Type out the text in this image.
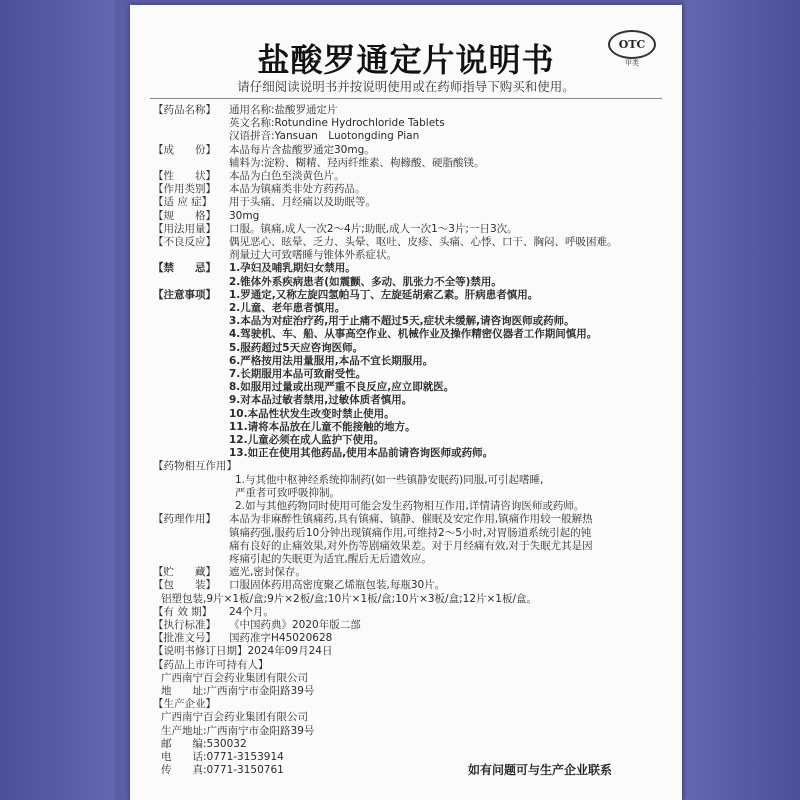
盐酸罗通定片说明书	OTC
甲类
请仔细阅读说明书并按说明使用或在药师指导下购买和使用。
【药品名称】	通用名称:盐酸罗通定片
英文名称:Rotundine Hydrochloride Tablets
汉语拼音:Yansuan　Luotongding Pian
【成　　份】	本品每片含盐酸罗通定30mg。
辅料为:淀粉、糊精、羟丙纤维素、枸橼酸、硬脂酸镁。
【性　　状】	本品为白色至淡黄色片。
【作用类别】	本品为镇痛类非处方药药品。
【适 应 症】	用于头痛、月经痛以及助眠等。
【规　　格】	30mg
【用法用量】	口服。镇痛,成人一次2～4片;助眠,成人一次1～3片;一日3次。
【不良反应】	偶见恶心、眩晕、乏力、头晕、呕吐、皮疹、头痛、心悸、口干、胸闷、呼吸困难。
剂量过大可致嗜睡与锥体外系症状。
【禁　　忌】	1.孕妇及哺乳期妇女禁用。
2.锥体外系疾病患者(如震颤、多动、肌张力不全等)禁用。
【注意事项】	1.罗通定,又称左旋四氢帕马丁、左旋延胡索乙素。肝病患者慎用。
2.儿童、老年患者慎用。
3.本品为对症治疗药,用于止痛不超过5天,症状未缓解,请咨询医师或药师。
4.驾驶机、车、船、从事高空作业、机械作业及操作精密仪器者工作期间慎用。
5.服药超过5天应咨询医师。
6.严格按用法用量服用,本品不宜长期服用。
7.长期服用本品可致耐受性。
8.如服用过量或出现严重不良反应,应立即就医。
9.对本品过敏者禁用,过敏体质者慎用。
10.本品性状发生改变时禁止使用。
11.请将本品放在儿童不能接触的地方。
12.儿童必须在成人监护下使用。
13.如正在使用其他药品,使用本品前请咨询医师或药师。
【药物相互作用】
1.与其他中枢神经系统抑制药(如一些镇静安眠药)同服,可引起嗜睡,
严重者可致呼吸抑制。
2.如与其他药物同时使用可能会发生药物相互作用,详情请咨询医师或药师。
【药理作用】	本品为非麻醉性镇痛药,具有镇痛、镇静、催眠及安定作用,镇痛作用较一般解热
镇痛药强,服药后10分钟出现镇痛作用,可维持2～5小时,对胃肠道系统引起的钝
痛有良好的止痛效果,对外伤等剧痛效果差。对于月经痛有效,对于失眠尤其是因
疼痛引起的失眠更为适宜,醒后无后遗效应。
【贮　　藏】	遮光,密封保存。
【包　　装】	口服固体药用高密度聚乙烯瓶包装,每瓶30片。
铝塑包装,9片×1板/盒;9片×2板/盒;10片×1板/盒;10片×3板/盒;12片×1板/盒。
【有 效 期】	24个月。
【执行标准】	《中国药典》2020年版二部
【批准文号】	国药准字H45020628
【说明书修订日期】 2024年09月24日
【药品上市许可持有人】
广西南宁百会药业集团有限公司
地　　址:广西南宁市金阳路39号
【生产企业】
广西南宁百会药业集团有限公司
生产地址:广西南宁市金阳路39号
邮　　编:530032
电　　话:0771-3153914
传　　真:0771-3150761	如有问题可与生产企业联系
